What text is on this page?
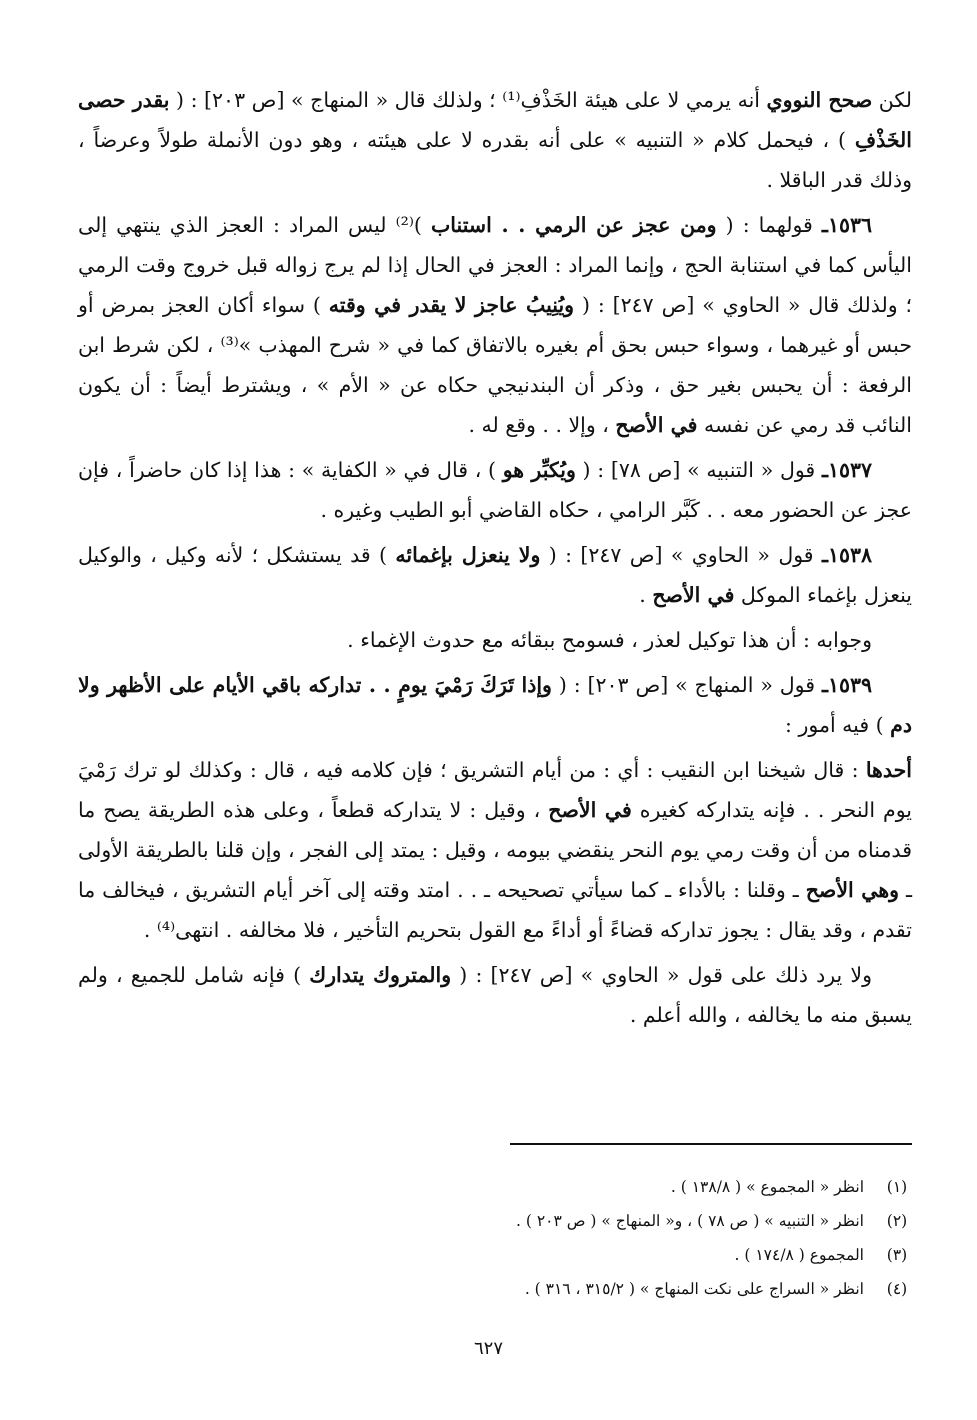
لكن صحح النووي أنه يرمي لا على هيئة الخَذْفِ⁽¹⁾ ؛ ولذلك قال « المنهاج » [ص ٢٠٣] : ( بقدر حصى الخَذْفِ ) ، فيحمل كلام « التنبيه » على أنه بقدره لا على هيئته ، وهو دون الأنملة طولاً وعرضاً ، وذلك قدر الباقلا .

١٥٣٦ـ قولهما : ( ومن عجز عن الرمي . . استناب )⁽²⁾ ليس المراد : العجز الذي ينتهي إلى اليأس كما في استنابة الحج ، وإنما المراد : العجز في الحال إذا لم يرج زواله قبل خروج وقت الرمي ؛ ولذلك قال « الحاوي » [ص ٢٤٧] : ( ويُنِيبُ عاجز لا يقدر في وقته ) سواء أكان العجز بمرض أو حبس أو غيرهما ، وسواء حبس بحق أم بغيره بالاتفاق كما في « شرح المهذب »⁽³⁾ ، لكن شرط ابن الرفعة : أن يحبس بغير حق ، وذكر أن البندنيجي حكاه عن « الأم » ، ويشترط أيضاً : أن يكون النائب قد رمي عن نفسه في الأصح ، وإلا . . وقع له .

١٥٣٧ـ قول « التنبيه » [ص ٧٨] : ( ويُكبِّر هو ) ، قال في « الكفاية » : هذا إذا كان حاضراً ، فإن عجز عن الحضور معه . . كَبَّر الرامي ، حكاه القاضي أبو الطيب وغيره .

١٥٣٨ـ قول « الحاوي » [ص ٢٤٧] : ( ولا ينعزل بإغمائه ) قد يستشكل ؛ لأنه وكيل ، والوكيل ينعزل بإغماء الموكل في الأصح .

وجوابه : أن هذا توكيل لعذر ، فسومح ببقائه مع حدوث الإغماء .

١٥٣٩ـ قول « المنهاج » [ص ٢٠٣] : ( وإذا تَرَكَ رَمْيَ يومٍ . . تداركه باقي الأيام على الأظهر ولا دم ) فيه أمور :

أحدها : قال شيخنا ابن النقيب : أي : من أيام التشريق ؛ فإن كلامه فيه ، قال : وكذلك لو ترك رَمْيَ يوم النحر . . فإنه يتداركه كغيره في الأصح ، وقيل : لا يتداركه قطعاً ، وعلى هذه الطريقة يصح ما قدمناه من أن وقت رمي يوم النحر ينقضي بيومه ، وقيل : يمتد إلى الفجر ، وإن قلنا بالطريقة الأولى ـ وهي الأصح ـ وقلنا : بالأداء ـ كما سيأتي تصحيحه ـ . . امتد وقته إلى آخر أيام التشريق ، فيخالف ما تقدم ، وقد يقال : يجوز تداركه قضاءً أو أداءً مع القول بتحريم التأخير ، فلا مخالفه . انتهى⁽⁴⁾ .

ولا يرد ذلك على قول « الحاوي » [ص ٢٤٧] : ( والمتروك يتدارك ) فإنه شامل للجميع ، ولم يسبق منه ما يخالفه ، والله أعلم .

(١)
انظر « المجموع » ( ١٣٨/٨ ) .
(٢)
انظر « التنبيه » ( ص ٧٨ ) ، و« المنهاج » ( ص ٢٠٣ ) .
(٣)
المجموع ( ١٧٤/٨ ) .
(٤)
انظر « السراج على نكت المنهاج » ( ٣١٥/٢ ، ٣١٦ ) .
٦٢٧
